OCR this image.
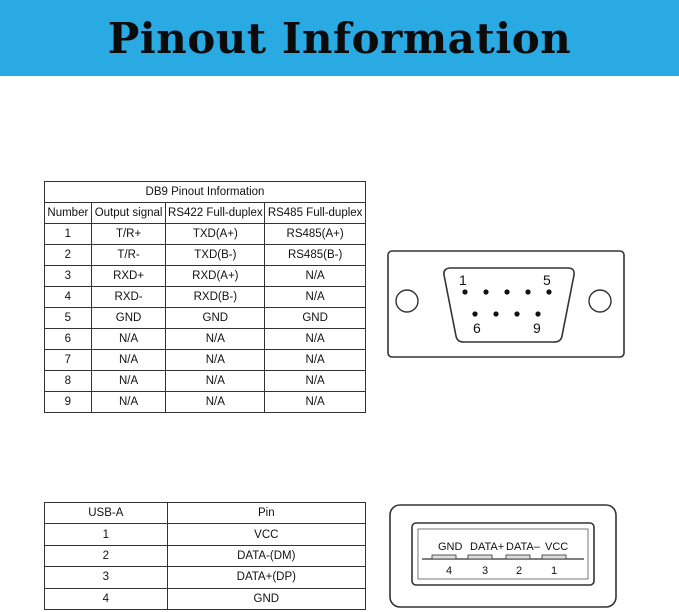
Pinout Information
DB9 Pinout Information			
Number	Output signal	RS422 Full-duplex	RS485 Full-duplex
1	T/R+	TXD(A+)	RS485(A+)
2	T/R-	TXD(B-)	RS485(B-)
3	RXD+	RXD(A+)	N/A
4	RXD-	RXD(B-)	N/A
5	GND	GND	GND
6	N/A	N/A	N/A
7	N/A	N/A	N/A
8	N/A	N/A	N/A
9	N/A	N/A	N/A
1	5
6	9
USB-A	Pin
1	VCC
2	DATA-(DM)
3	DATA+(DP)
4	GND
GND DATA+ DATA– VCC
4	3	2	1
